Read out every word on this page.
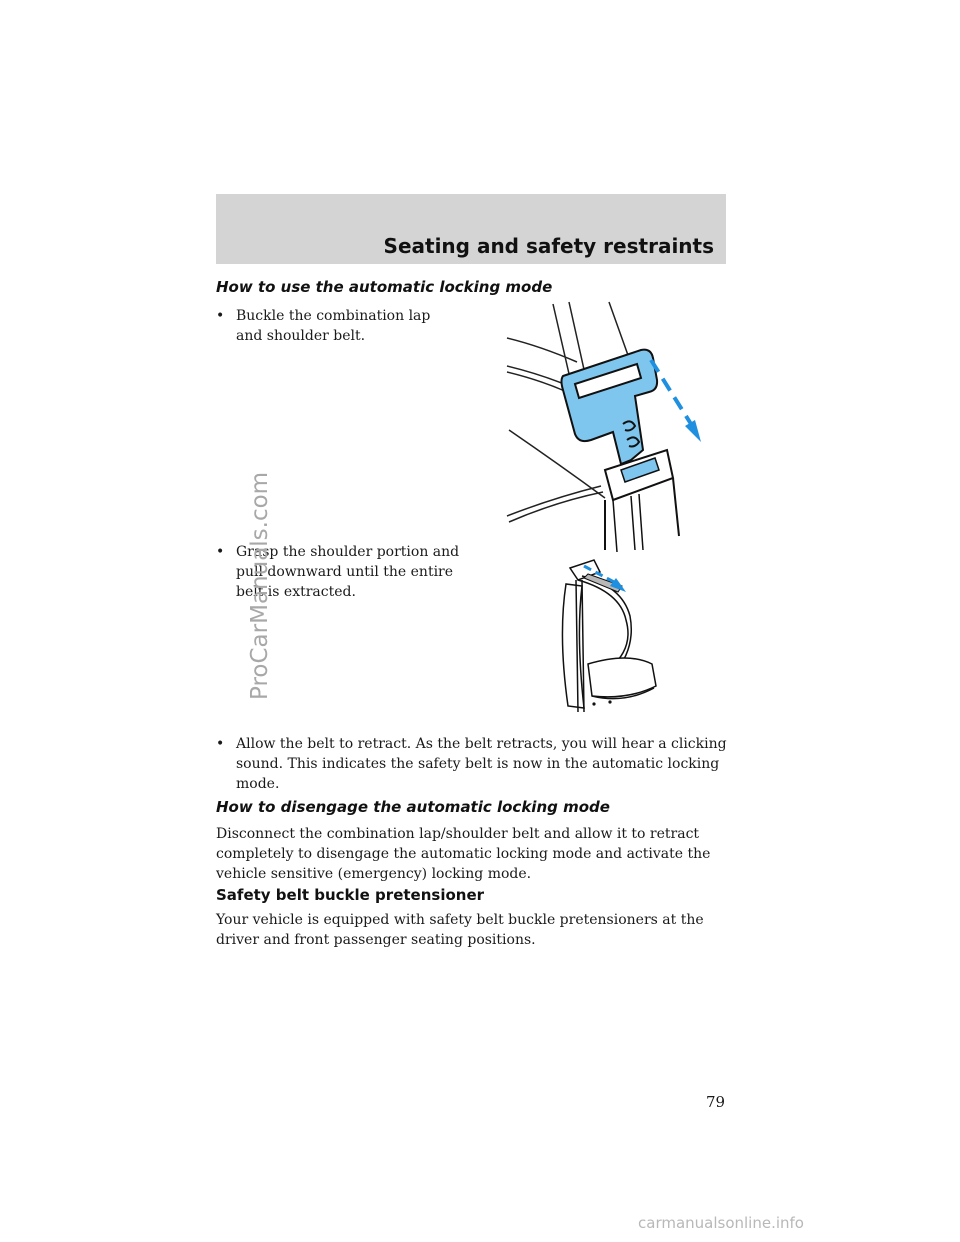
Seating and safety restraints
How to use the automatic locking mode
• Buckle the combination lap and shoulder belt.
• Grasp the shoulder portion and pull downward until the entire belt is extracted.
• Allow the belt to retract. As the belt retracts, you will hear a clicking sound. This indicates the safety belt is now in the automatic locking mode.
How to disengage the automatic locking mode
Disconnect the combination lap/shoulder belt and allow it to retract completely to disengage the automatic locking mode and activate the vehicle sensitive (emergency) locking mode.
Safety belt buckle pretensioner
Your vehicle is equipped with safety belt buckle pretensioners at the driver and front passenger seating positions.
79
ProCarManuals.com
carmanualsonline.info
